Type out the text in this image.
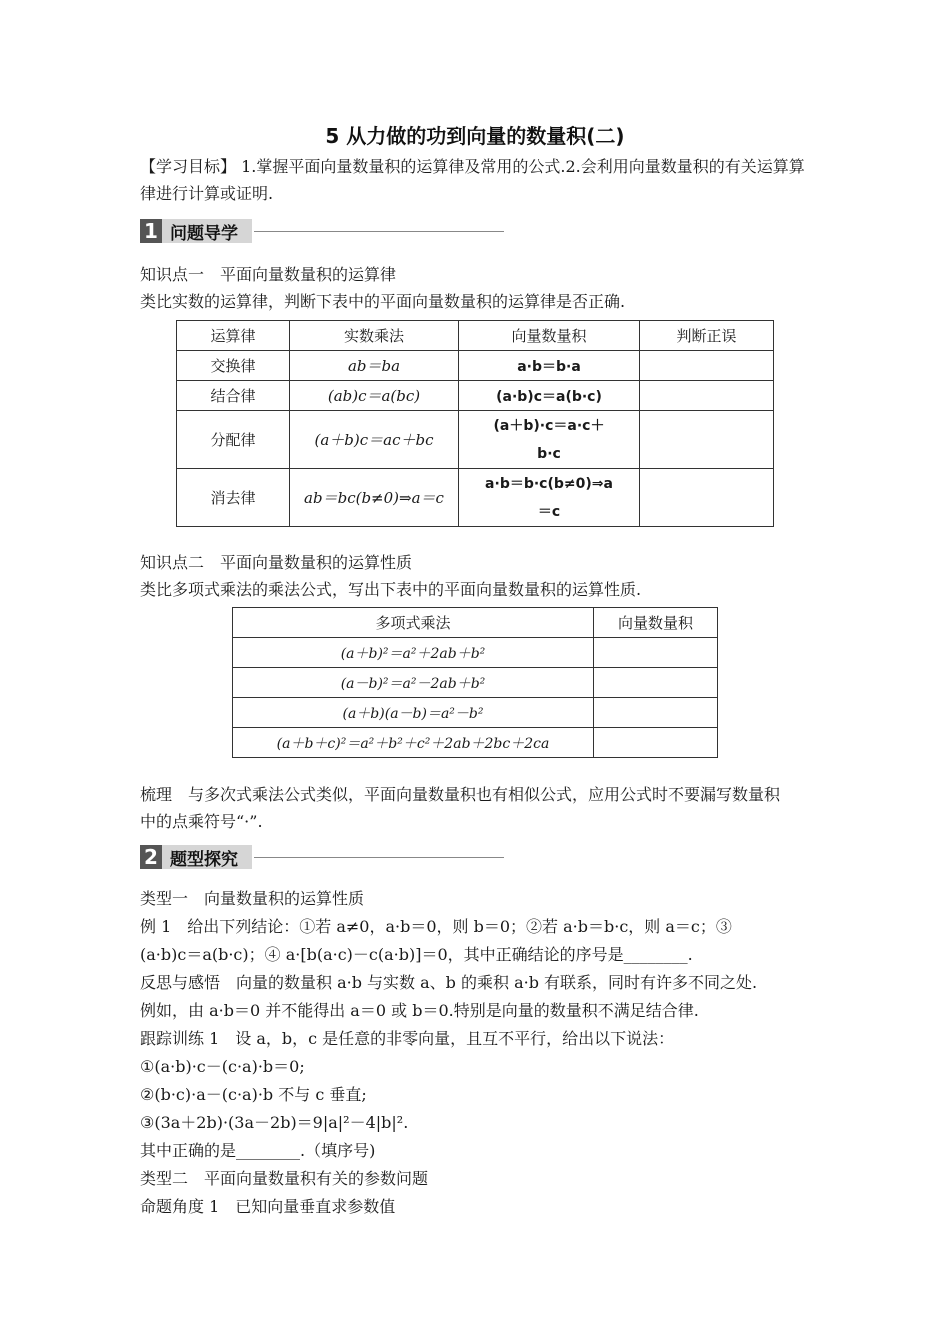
5 从力做的功到向量的数量积(二)
【学习目标】 1.掌握平面向量数量积的运算律及常用的公式.2.会利用向量数量积的有关运算算
律进行计算或证明.
1 问题导学
知识点一　平面向量数量积的运算律
类比实数的运算律，判断下表中的平面向量数量积的运算律是否正确.
运算律	实数乘法	向量数量积	判断正误
交换律	ab＝ba	a·b＝b·a	
结合律	(ab)c＝a(bc)	(a·b)c＝a(b·c)	
分配律	(a＋b)c＝ac＋bc	(a＋b)·c＝a·c＋
b·c	

消去律	ab＝bc(b≠0)⇒a＝c	a·b＝b·c(b≠0)⇒a
＝c	

知识点二　平面向量数量积的运算性质
类比多项式乘法的乘法公式，写出下表中的平面向量数量积的运算性质.
多项式乘法	向量数量积
(a＋b)²＝a²＋2ab＋b²	
(a－b)²＝a²－2ab＋b²	
(a＋b)(a－b)＝a²－b²	
(a＋b＋c)²＝a²＋b²＋c²＋2ab＋2bc＋2ca	
梳理　与多次式乘法公式类似，平面向量数量积也有相似公式，应用公式时不要漏写数量积
中的点乘符号“·”.
2 题型探究
类型一　向量数量积的运算性质
例 1　给出下列结论：①若 a≠0，a·b＝0，则 b＝0；②若 a·b＝b·c，则 a＝c；③
(a·b)c＝a(b·c)；④ a·[b(a·c)－c(a·b)]＝0，其中正确结论的序号是________.
反思与感悟　向量的数量积 a·b 与实数 a、b 的乘积 a·b 有联系，同时有许多不同之处.
例如，由 a·b＝0 并不能得出 a＝0 或 b＝0.特别是向量的数量积不满足结合律.
跟踪训练 1　设 a，b，c 是任意的非零向量，且互不平行，给出以下说法：
①(a·b)·c－(c·a)·b＝0;
②(b·c)·a－(c·a)·b 不与 c 垂直;
③(3a＋2b)·(3a－2b)＝9|a|²－4|b|².
其中正确的是________.（填序号)
类型二　平面向量数量积有关的参数问题
命题角度 1　已知向量垂直求参数值
